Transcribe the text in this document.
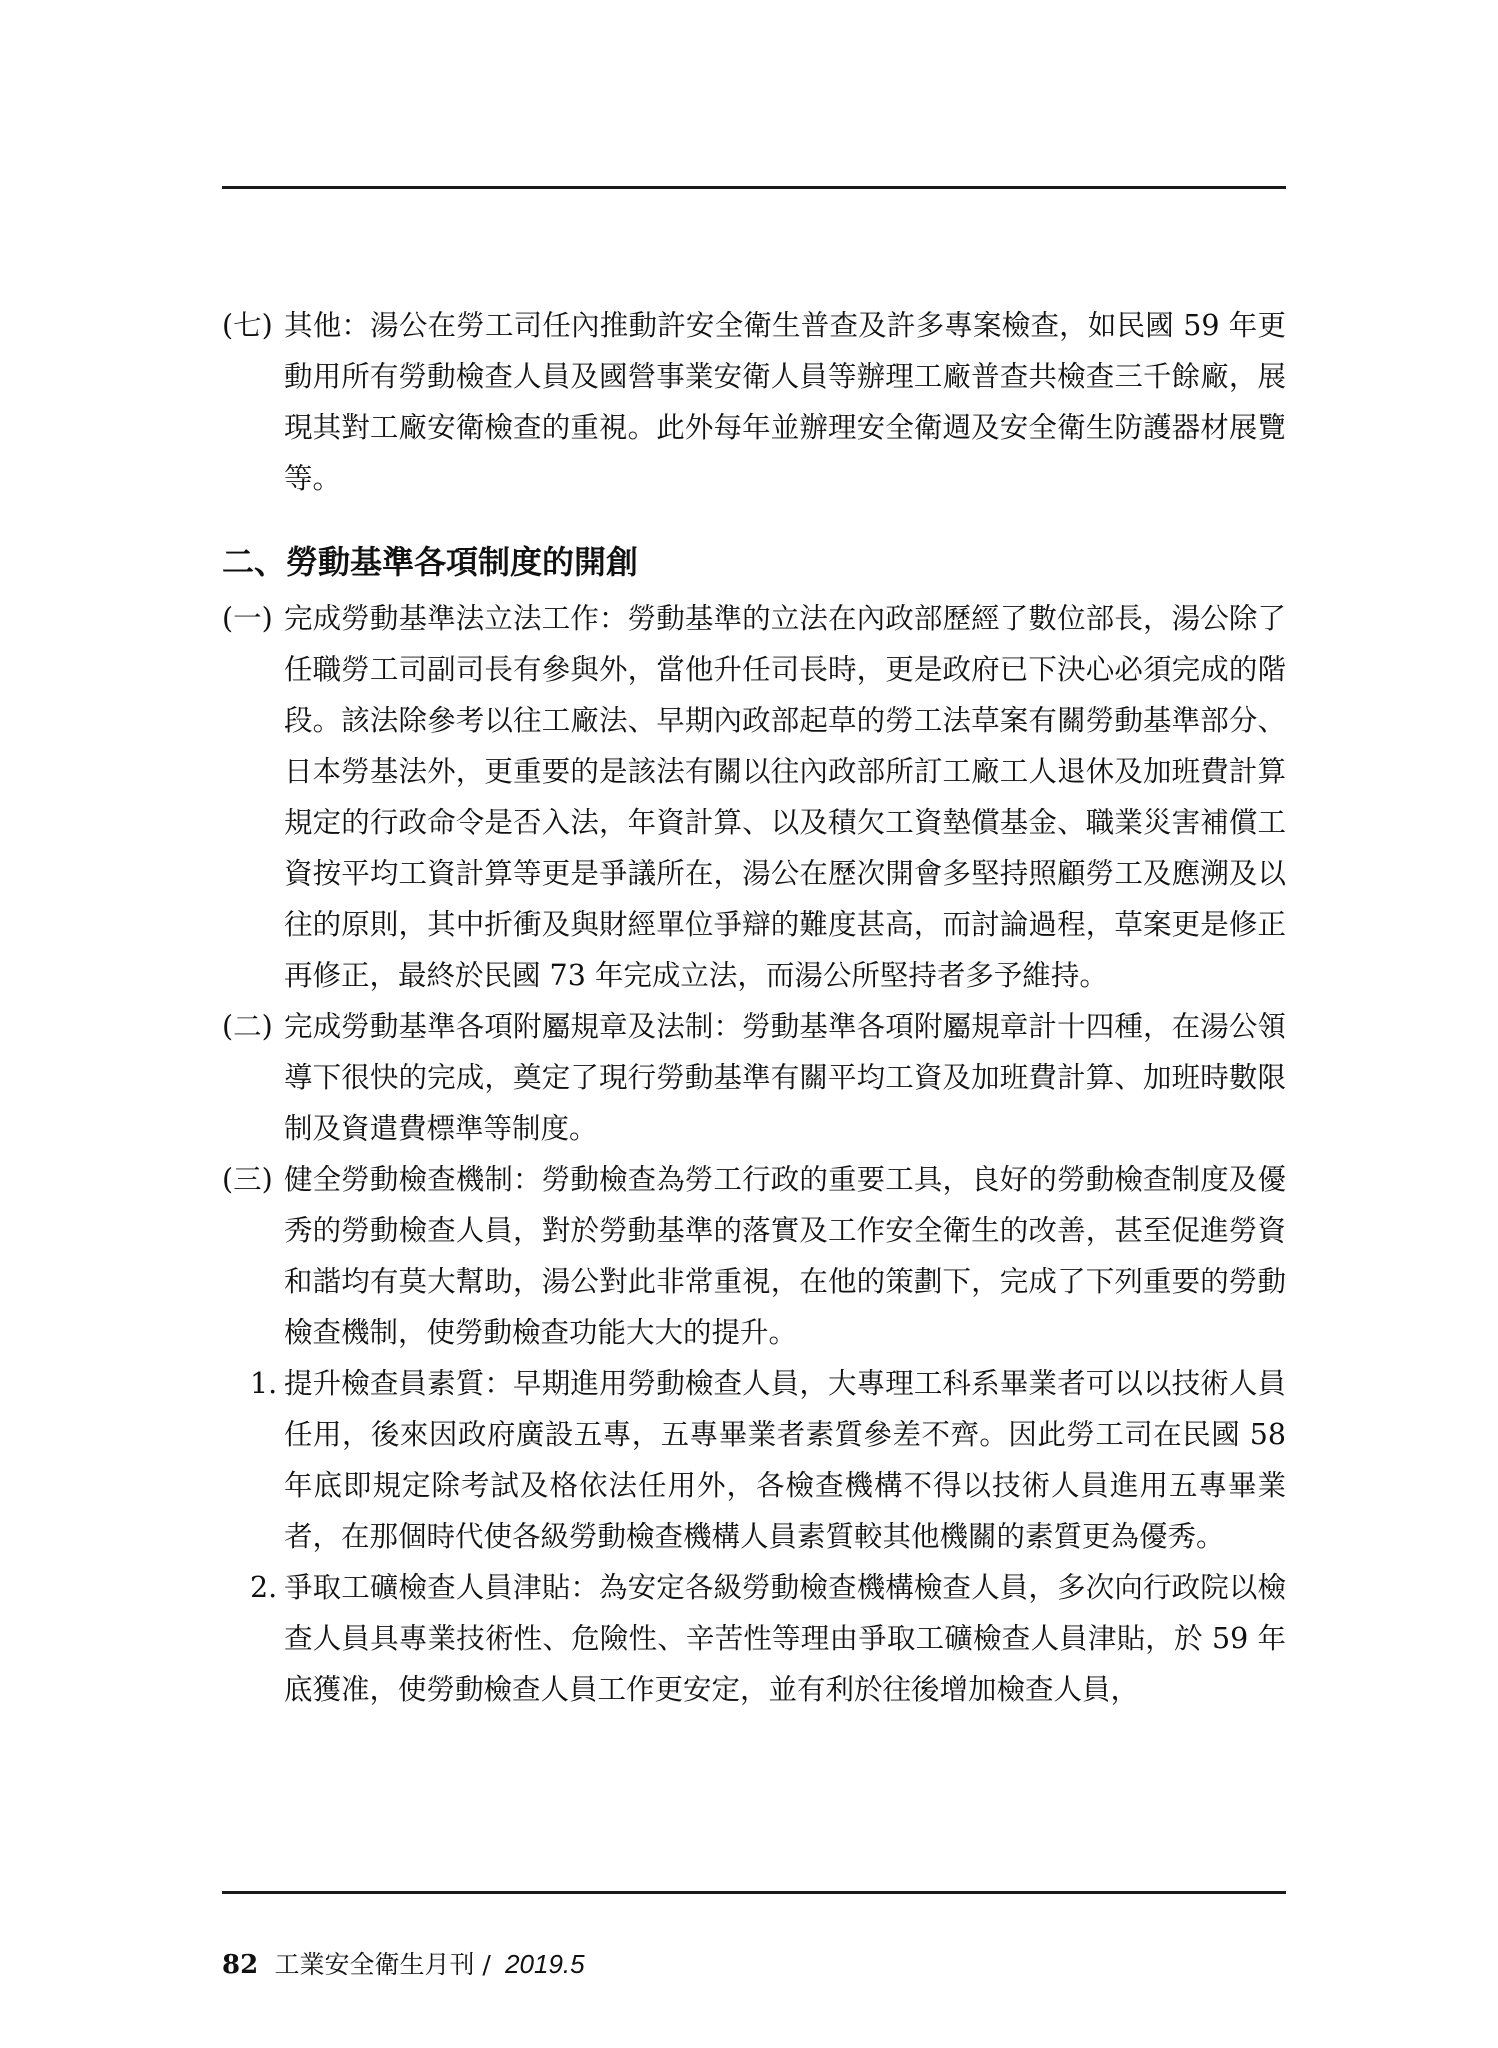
(七) 其他：湯公在勞工司任內推動許安全衛生普查及許多專案檢查，如民國 59 年更動用所有勞動檢查人員及國營事業安衛人員等辦理工廠普查共檢查三千餘廠，展現其對工廠安衛檢查的重視。此外每年並辦理安全衛週及安全衛生防護器材展覽等。
二、勞動基準各項制度的開創
(一) 完成勞動基準法立法工作：勞動基準的立法在內政部歷經了數位部長，湯公除了任職勞工司副司長有參與外，當他升任司長時，更是政府已下決心必須完成的階段。該法除參考以往工廠法、早期內政部起草的勞工法草案有關勞動基準部分、日本勞基法外，更重要的是該法有關以往內政部所訂工廠工人退休及加班費計算規定的行政命令是否入法，年資計算、以及積欠工資墊償基金、職業災害補償工資按平均工資計算等更是爭議所在，湯公在歷次開會多堅持照顧勞工及應溯及以往的原則，其中折衝及與財經單位爭辯的難度甚高，而討論過程，草案更是修正再修正，最終於民國 73 年完成立法，而湯公所堅持者多予維持。
(二) 完成勞動基準各項附屬規章及法制：勞動基準各項附屬規章計十四種，在湯公領導下很快的完成，奠定了現行勞動基準有關平均工資及加班費計算、加班時數限制及資遣費標準等制度。
(三) 健全勞動檢查機制：勞動檢查為勞工行政的重要工具，良好的勞動檢查制度及優秀的勞動檢查人員，對於勞動基準的落實及工作安全衛生的改善，甚至促進勞資和諧均有莫大幫助，湯公對此非常重視，在他的策劃下，完成了下列重要的勞動檢查機制，使勞動檢查功能大大的提升。
1. 提升檢查員素質：早期進用勞動檢查人員，大專理工科系畢業者可以以技術人員任用，後來因政府廣設五專，五專畢業者素質參差不齊。因此勞工司在民國 58 年底即規定除考試及格依法任用外，各檢查機構不得以技術人員進用五專畢業者，在那個時代使各級勞動檢查機構人員素質較其他機關的素質更為優秀。
2. 爭取工礦檢查人員津貼：為安定各級勞動檢查機構檢查人員，多次向行政院以檢查人員具專業技術性、危險性、辛苦性等理由爭取工礦檢查人員津貼，於 59 年底獲准，使勞動檢查人員工作更安定，並有利於往後增加檢查人員，
82 工業安全衛生月刊 / 2019.5
